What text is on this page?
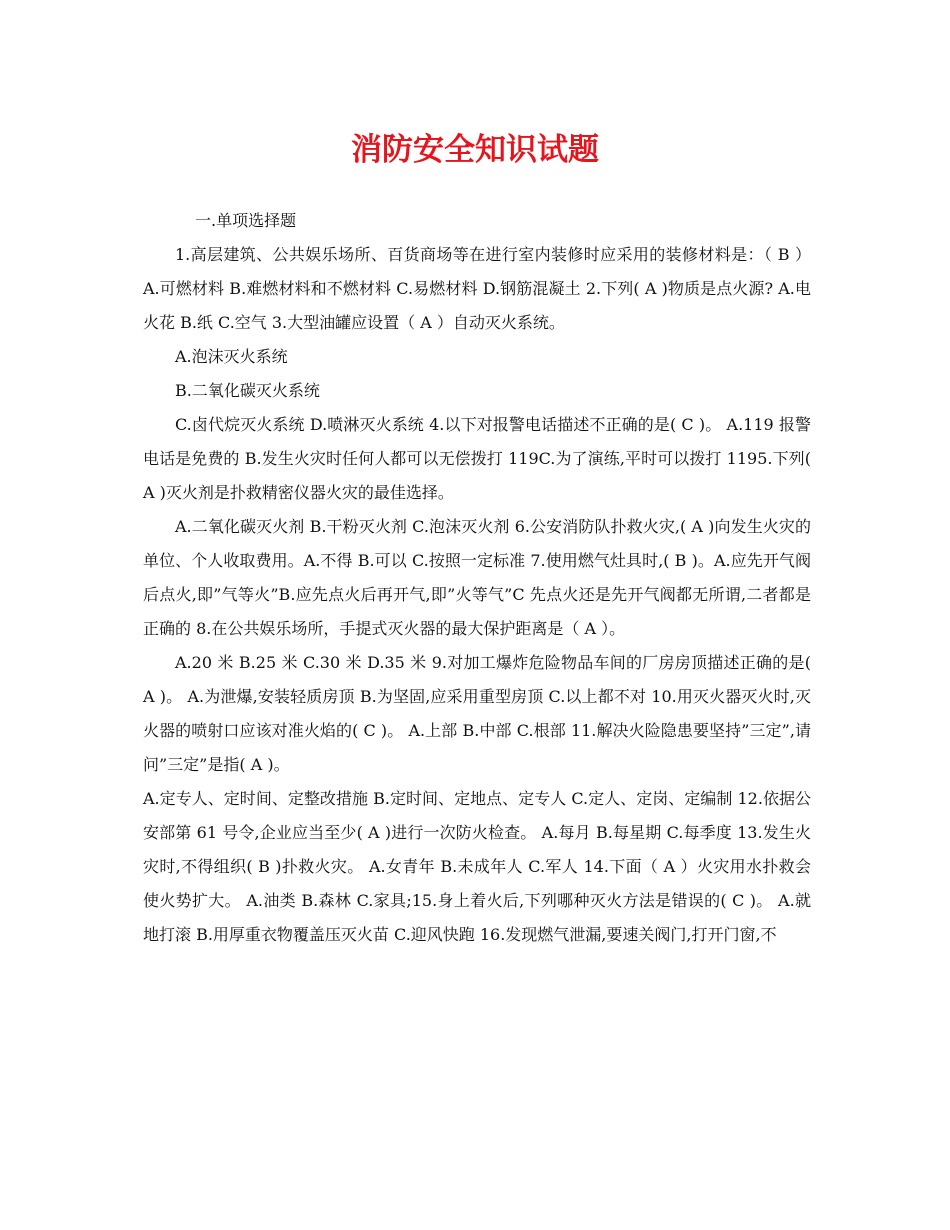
消防安全知识试题

一.单项选择题

1.高层建筑、公共娱乐场所、百货商场等在进行室内装修时应采用的装修材料是：（ B ）A.可燃材料 B.难燃材料和不燃材料 C.易燃材料 D.钢筋混凝土 2.下列( A )物质是点火源? A.电火花 B.纸 C.空气 3.大型油罐应设置（ A ）自动灭火系统。

A.泡沫灭火系统

B.二氧化碳灭火系统

C.卤代烷灭火系统 D.喷淋灭火系统 4.以下对报警电话描述不正确的是( C )。 A.119 报警电话是免费的 B.发生火灾时任何人都可以无偿拨打 119C.为了演练,平时可以拨打 1195.下列( A )灭火剂是扑救精密仪器火灾的最佳选择。

A.二氧化碳灭火剂 B.干粉灭火剂 C.泡沫灭火剂 6.公安消防队扑救火灾,( A )向发生火灾的单位、个人收取费用。A.不得 B.可以 C.按照一定标准 7.使用燃气灶具时,( B )。A.应先开气阀后点火,即”气等火”B.应先点火后再开气,即”火等气”C 先点火还是先开气阀都无所谓,二者都是正确的 8.在公共娱乐场所，手提式灭火器的最大保护距离是（ A ）。

A.20 米 B.25 米 C.30 米 D.35 米 9.对加工爆炸危险物品车间的厂房房顶描述正确的是( A )。 A.为泄爆,安装轻质房顶 B.为坚固,应采用重型房顶 C.以上都不对 10.用灭火器灭火时,灭火器的喷射口应该对准火焰的( C )。 A.上部 B.中部 C.根部 11.解决火险隐患要坚持”三定”,请问”三定”是指( A )。

A.定专人、定时间、定整改措施 B.定时间、定地点、定专人 C.定人、定岗、定编制 12.依据公安部第 61 号令,企业应当至少( A )进行一次防火检查。 A.每月 B.每星期 C.每季度 13.发生火灾时,不得组织( B )扑救火灾。 A.女青年 B.未成年人 C.军人 14.下面（ A ）火灾用水扑救会使火势扩大。 A.油类 B.森林 C.家具;15.身上着火后,下列哪种灭火方法是错误的( C )。 A.就地打滚 B.用厚重衣物覆盖压灭火苗 C.迎风快跑 16.发现燃气泄漏,要速关阀门,打开门窗,不
